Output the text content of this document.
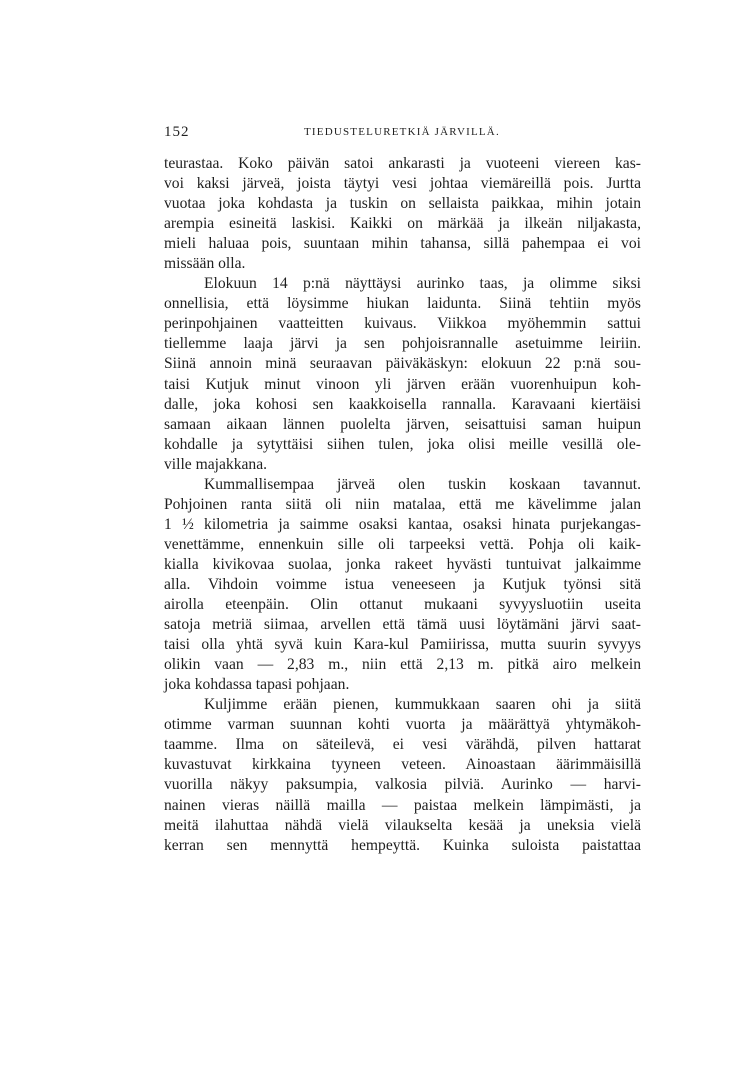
152	TIEDUSTELURETKIÄ JÄRVILLÄ.
teurastaa. Koko päivän satoi ankarasti ja vuoteeni viereen kas-
voi kaksi järveä, joista täytyi vesi johtaa viemäreillä pois. Jurtta
vuotaa joka kohdasta ja tuskin on sellaista paikkaa, mihin jotain
arempia esineitä laskisi. Kaikki on märkää ja ilkeän niljakasta,
mieli haluaa pois, suuntaan mihin tahansa, sillä pahempaa ei voi
missään olla.
Elokuun 14 p:nä näyttäysi aurinko taas, ja olimme siksi
onnellisia, että löysimme hiukan laidunta. Siinä tehtiin myös
perinpohjainen vaatteitten kuivaus. Viikkoa myöhemmin sattui
tiellemme laaja järvi ja sen pohjoisrannalle asetuimme leiriin.
Siinä annoin minä seuraavan päiväkäskyn: elokuun 22 p:nä sou-
taisi Kutjuk minut vinoon yli järven erään vuorenhuipun koh-
dalle, joka kohosi sen kaakkoisella rannalla. Karavaani kiertäisi
samaan aikaan lännen puolelta järven, seisattuisi saman huipun
kohdalle ja sytyttäisi siihen tulen, joka olisi meille vesillä ole-
ville majakkana.
Kummallisempaa järveä olen tuskin koskaan tavannut.
Pohjoinen ranta siitä oli niin matalaa, että me kävelimme jalan
1 ½ kilometria ja saimme osaksi kantaa, osaksi hinata purjekangas-
venettämme, ennenkuin sille oli tarpeeksi vettä. Pohja oli kaik-
kialla kivikovaa suolaa, jonka rakeet hyvästi tuntuivat jalkaimme
alla. Vihdoin voimme istua veneeseen ja Kutjuk työnsi sitä
airolla eteenpäin. Olin ottanut mukaani syvyysluotiin useita
satoja metriä siimaa, arvellen että tämä uusi löytämäni järvi saat-
taisi olla yhtä syvä kuin Kara-kul Pamiirissa, mutta suurin syvyys
olikin vaan — 2,83 m., niin että 2,13 m. pitkä airo melkein
joka kohdassa tapasi pohjaan.
Kuljimme erään pienen, kummukkaan saaren ohi ja siitä
otimme varman suunnan kohti vuorta ja määrättyä yhtymäkoh-
taamme. Ilma on säteilevä, ei vesi värähdä, pilven hattarat
kuvastuvat kirkkaina tyyneen veteen. Ainoastaan äärimmäisillä
vuorilla näkyy paksumpia, valkosia pilviä. Aurinko — harvi-
nainen vieras näillä mailla — paistaa melkein lämpimästi, ja
meitä ilahuttaa nähdä vielä vilaukselta kesää ja uneksia vielä
kerran sen mennyttä hempeyttä. Kuinka suloista paistattaa
